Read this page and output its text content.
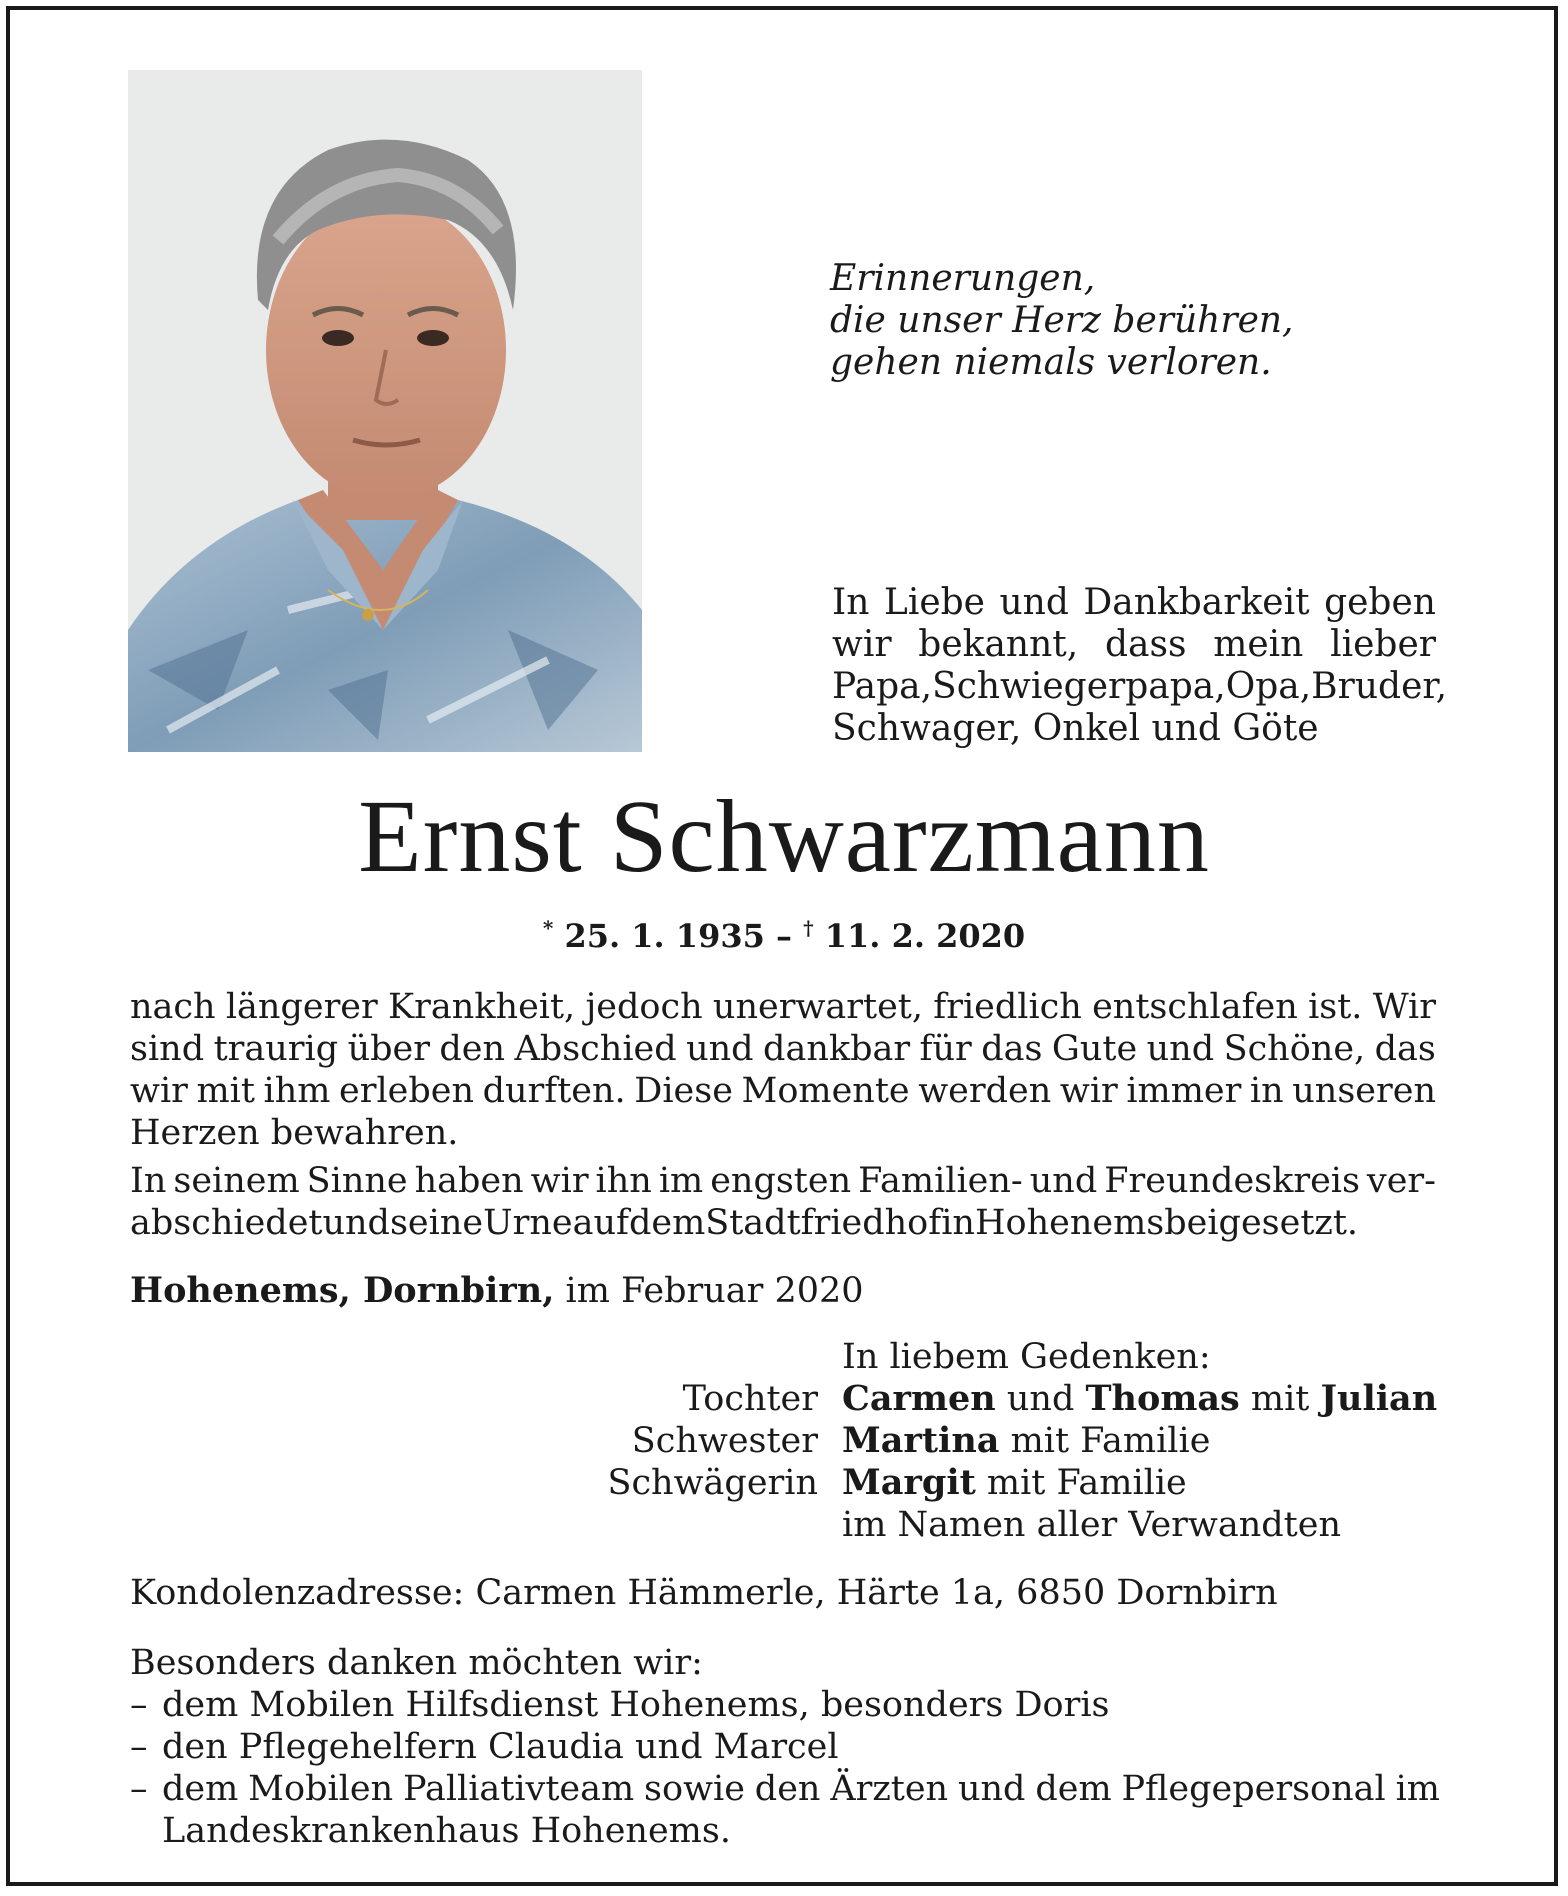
Erinnerungen,
die unser Herz berühren,
gehen niemals verloren.
In Liebe und Dankbarkeit geben
wir bekannt, dass mein lieber
Papa, Schwiegerpapa, Opa, Bruder,
Schwager, Onkel und Göte
Ernst Schwarzmann
* 25. 1. 1935 – † 11. 2. 2020
nach längerer Krankheit, jedoch unerwartet, friedlich entschlafen ist. Wir
sind traurig über den Abschied und dankbar für das Gute und Schöne, das
wir mit ihm erleben durften. Diese Momente werden wir immer in unseren
Herzen bewahren.
In seinem Sinne haben wir ihn im engsten Familien- und Freundeskreis ver-
abschiedet und seine Urne auf dem Stadtfriedhof in Hohenems beigesetzt.
Hohenems, Dornbirn, im Februar 2020
Tochter
Schwester
Schwägerin
In liebem Gedenken:
Carmen und Thomas mit Julian
Martina mit Familie
Margit mit Familie
im Namen aller Verwandten
Kondolenzadresse: Carmen Hämmerle, Härte 1a, 6850 Dornbirn
Besonders danken möchten wir:
– dem Mobilen Hilfsdienst Hohenems, besonders Doris
– den Pflegehelfern Claudia und Marcel
– dem Mobilen Palliativteam sowie den Ärzten und dem Pflegepersonal im
Landeskrankenhaus Hohenems.
